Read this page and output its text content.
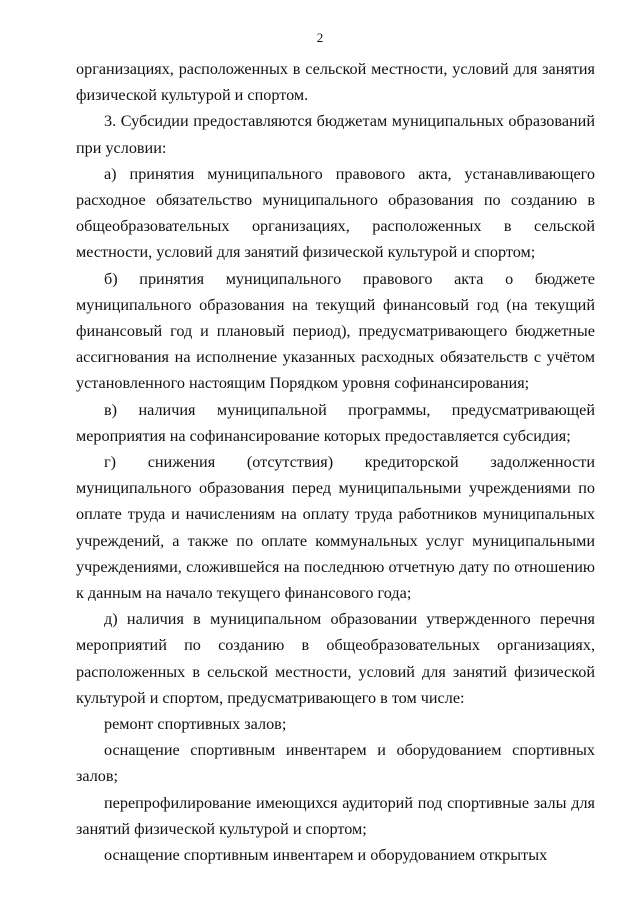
2

организациях, расположенных в сельской местности, условий для занятия физической культурой и спортом.

3. Субсидии предоставляются бюджетам муниципальных образований при условии:

а) принятия муниципального правового акта, устанавливающего расходное обязательство муниципального образования по созданию в общеобразовательных организациях, расположенных в сельской местности, условий для занятий физической культурой и спортом;

б) принятия муниципального правового акта о бюджете муниципального образования на текущий финансовый год (на текущий финансовый год и плановый период), предусматривающего бюджетные ассигнования на исполнение указанных расходных обязательств с учётом установленного настоящим Порядком уровня софинансирования;

в) наличия муниципальной программы, предусматривающей мероприятия на софинансирование которых предоставляется субсидия;

г) снижения (отсутствия) кредиторской задолженности муниципального образования перед муниципальными учреждениями по оплате труда и начислениям на оплату труда работников муниципальных учреждений, а также по оплате коммунальных услуг муниципальными учреждениями, сложившейся на последнюю отчетную дату по отношению к данным на начало текущего финансового года;

д) наличия в муниципальном образовании утвержденного перечня мероприятий по созданию в общеобразовательных организациях, расположенных в сельской местности, условий для занятий физической культурой и спортом, предусматривающего в том числе:

ремонт спортивных залов;

оснащение спортивным инвентарем и оборудованием спортивных залов;

перепрофилирование имеющихся аудиторий под спортивные залы для занятий физической культурой и спортом;

оснащение спортивным инвентарем и оборудованием открытых
